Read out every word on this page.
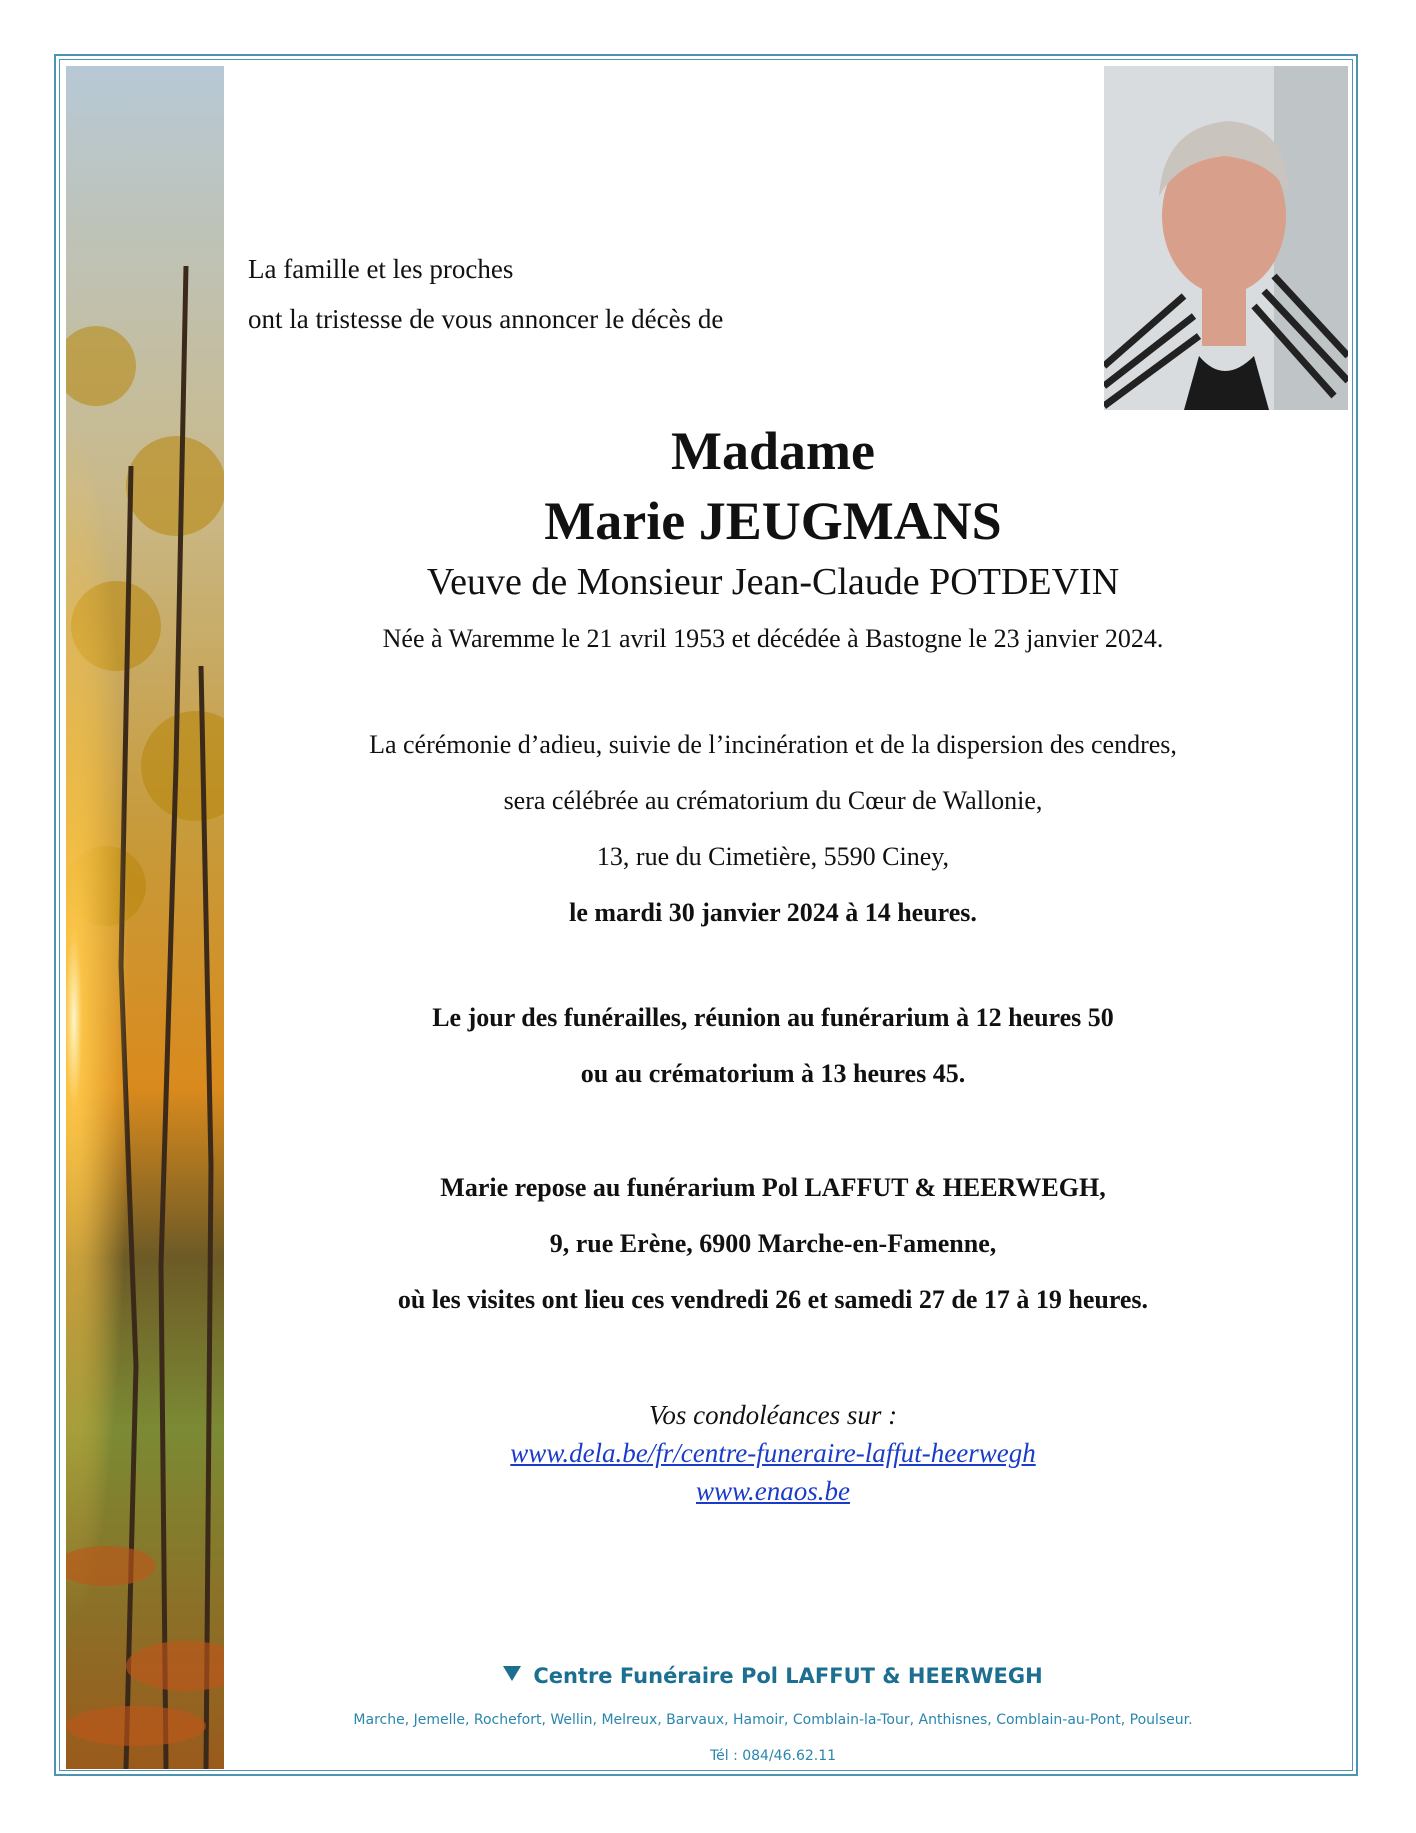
La famille et les proches
ont la tristesse de vous annoncer le décès de
Madame
Marie JEUGMANS
Veuve de Monsieur Jean-Claude POTDEVIN
Née à Waremme le 21 avril 1953 et décédée à Bastogne le 23 janvier 2024.
La cérémonie d’adieu, suivie de l’incinération et de la dispersion des cendres,
sera célébrée au crématorium du Cœur de Wallonie,
13, rue du Cimetière, 5590 Ciney,
le mardi 30 janvier 2024 à 14 heures.
Le jour des funérailles, réunion au funérarium à 12 heures 50
ou au crématorium à 13 heures 45.
Marie repose au funérarium Pol LAFFUT & HEERWEGH,
9, rue Erène, 6900 Marche-en-Famenne,
où les visites ont lieu ces vendredi 26 et samedi 27 de 17 à 19 heures.
Vos condoléances sur :
www.dela.be/fr/centre-funeraire-laffut-heerwegh
www.enaos.be
Centre Funéraire Pol LAFFUT & HEERWEGH
Marche, Jemelle, Rochefort, Wellin, Melreux, Barvaux, Hamoir, Comblain-la-Tour, Anthisnes, Comblain-au-Pont, Poulseur.
Tél : 084/46.62.11
